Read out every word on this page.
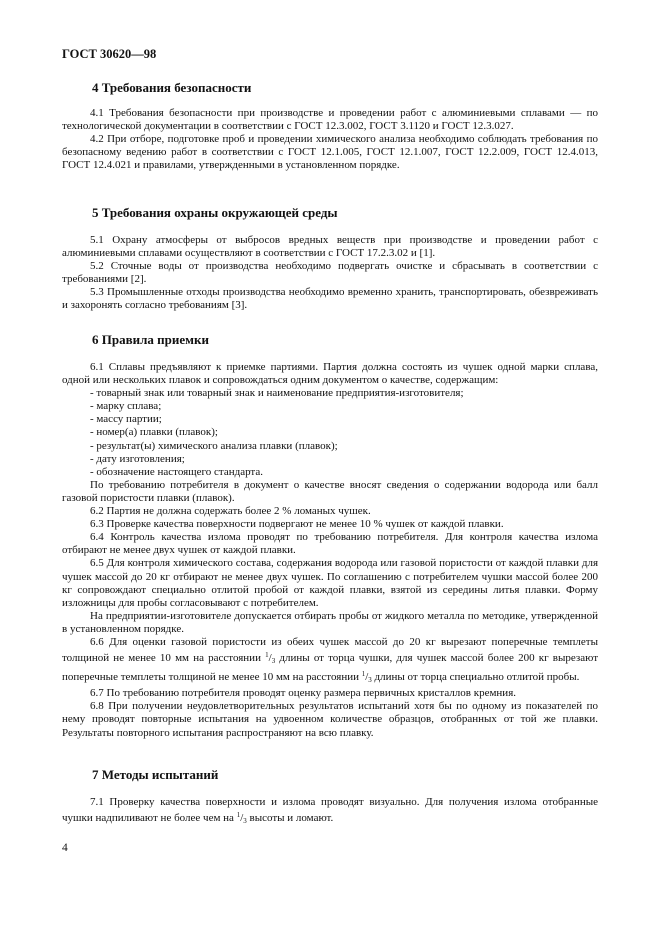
ГОСТ 30620—98
4 Требования безопасности

4.1 Требования безопасности при производстве и проведении работ с алюминиевыми сплавами — по технологической документации в соответствии с ГОСТ 12.3.002, ГОСТ 3.1120 и ГОСТ 12.3.027.

4.2 При отборе, подготовке проб и проведении химического анализа необходимо соблюдать требования по безопасному ведению работ в соответствии с ГОСТ 12.1.005, ГОСТ 12.1.007, ГОСТ 12.2.009, ГОСТ 12.4.013, ГОСТ 12.4.021 и правилами, утвержденными в установленном порядке.

5 Требования охраны окружающей среды

5.1 Охрану атмосферы от выбросов вредных веществ при производстве и проведении работ с алюминиевыми сплавами осуществляют в соответствии с ГОСТ 17.2.3.02 и [1].

5.2 Сточные воды от производства необходимо подвергать очистке и сбрасывать в соответствии с требованиями [2].

5.3 Промышленные отходы производства необходимо временно хранить, транспортировать, обезвреживать и захоронять согласно требованиям [3].

6 Правила приемки

6.1 Сплавы предъявляют к приемке партиями. Партия должна состоять из чушек одной марки сплава, одной или нескольких плавок и сопровождаться одним документом о качестве, содержащим:

- товарный знак или товарный знак и наименование предприятия-изготовителя;

- марку сплава;

- массу партии;

- номер(а) плавки (плавок);

- результат(ы) химического анализа плавки (плавок);

- дату изготовления;

- обозначение настоящего стандарта.

По требованию потребителя в документ о качестве вносят сведения о содержании водорода или балл газовой пористости плавки (плавок).

6.2 Партия не должна содержать более 2 % ломаных чушек.

6.3 Проверке качества поверхности подвергают не менее 10 % чушек от каждой плавки.

6.4 Контроль качества излома проводят по требованию потребителя. Для контроля качества излома отбирают не менее двух чушек от каждой плавки.

6.5 Для контроля химического состава, содержания водорода или газовой пористости от каждой плавки для чушек массой до 20 кг отбирают не менее двух чушек. По соглашению с потребителем чушки массой более 200 кг сопровождают специально отлитой пробой от каждой плавки, взятой из середины литья плавки. Форму изложницы для пробы согласовывают с потребителем.

На предприятии-изготовителе допускается отбирать пробы от жидкого металла по методике, утвержденной в установленном порядке.

6.6 Для оценки газовой пористости из обеих чушек массой до 20 кг вырезают поперечные темплеты толщиной не менее 10 мм на расстоянии $^1/_3$ длины от торца чушки, для чушек массой более 200 кг вырезают поперечные темплеты толщиной не менее 10 мм на расстоянии $^1/_3$ длины от торца специально отлитой пробы.

6.7 По требованию потребителя проводят оценку размера первичных кристаллов кремния.

6.8 При получении неудовлетворительных результатов испытаний хотя бы по одному из показателей по нему проводят повторные испытания на удвоенном количестве образцов, отобранных от той же плавки. Результаты повторного испытания распространяют на всю плавку.

7 Методы испытаний

7.1 Проверку качества поверхности и излома проводят визуально. Для получения излома отобранные чушки надпиливают не более чем на $^1/_3$ высоты и ломают.

4
